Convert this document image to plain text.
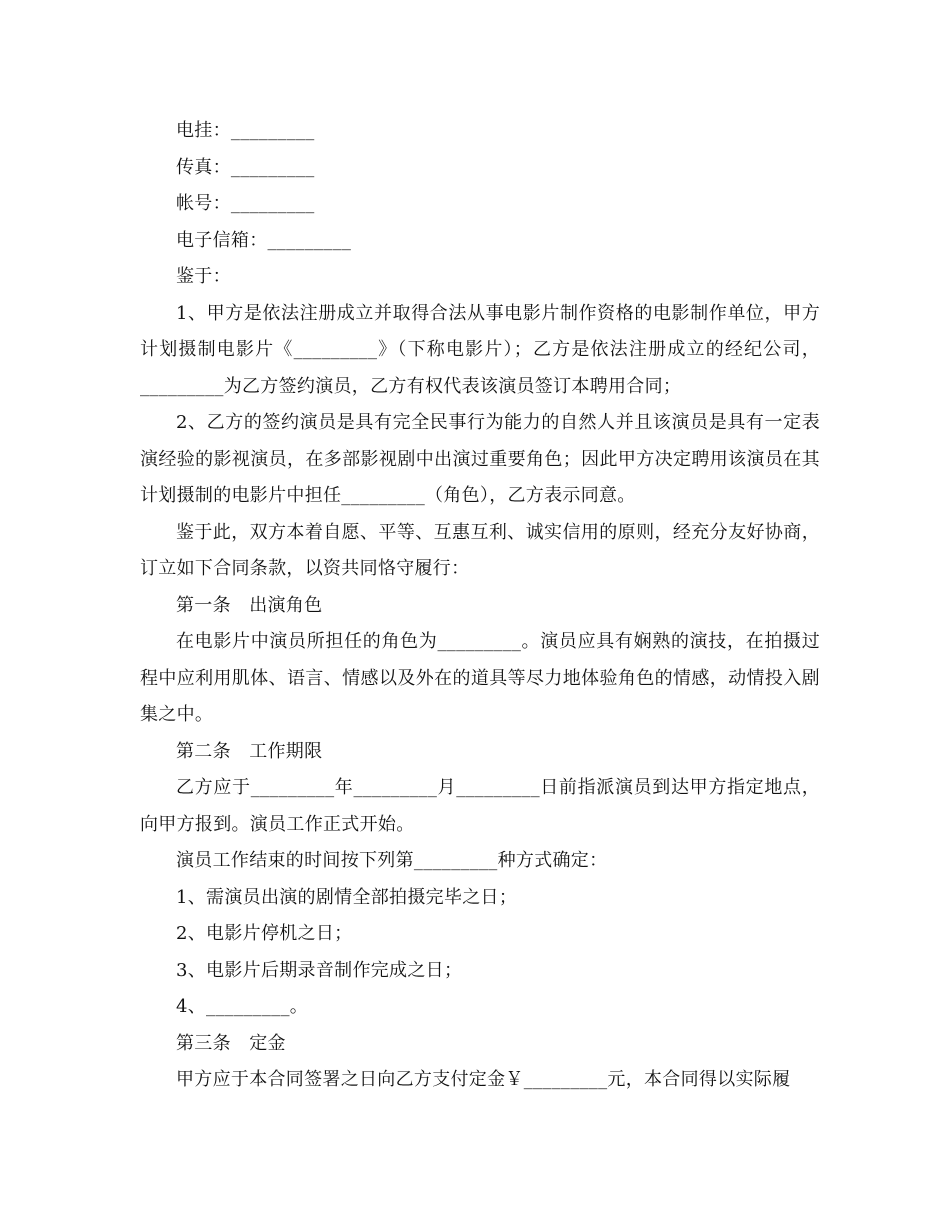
电挂：_________

传真：_________

帐号：_________

电子信箱：_________

鉴于：

1、甲方是依法注册成立并取得合法从事电影片制作资格的电影制作单位，甲方计划摄制电影片《_________》（下称电影片）；乙方是依法注册成立的经纪公司，_________为乙方签约演员，乙方有权代表该演员签订本聘用合同；

2、乙方的签约演员是具有完全民事行为能力的自然人并且该演员是具有一定表演经验的影视演员，在多部影视剧中出演过重要角色；因此甲方决定聘用该演员在其计划摄制的电影片中担任_________（角色），乙方表示同意。

鉴于此，双方本着自愿、平等、互惠互利、诚实信用的原则，经充分友好协商，订立如下合同条款，以资共同恪守履行：

第一条　出演角色

在电影片中演员所担任的角色为_________。演员应具有娴熟的演技，在拍摄过程中应利用肌体、语言、情感以及外在的道具等尽力地体验角色的情感，动情投入剧集之中。

第二条　工作期限

乙方应于_________年_________月_________日前指派演员到达甲方指定地点，向甲方报到。演员工作正式开始。

演员工作结束的时间按下列第_________种方式确定：

1、需演员出演的剧情全部拍摄完毕之日；

2、电影片停机之日；

3、电影片后期录音制作完成之日；

4、_________。

第三条　定金

甲方应于本合同签署之日向乙方支付定金￥_________元，本合同得以实际履
